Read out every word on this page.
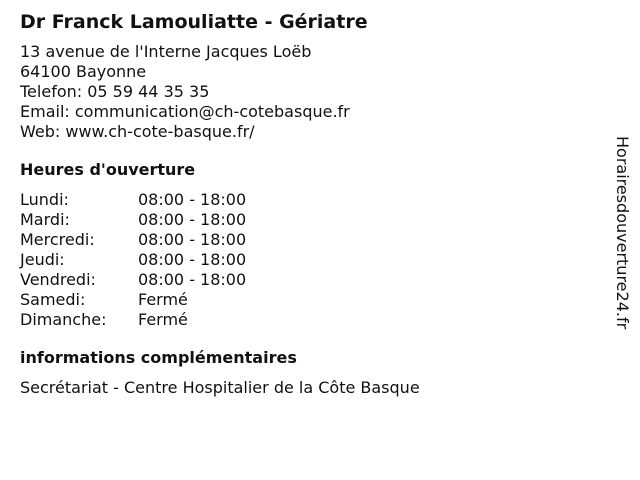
Dr Franck Lamouliatte - Gériatre
13 avenue de l'Interne Jacques Loëb
64100 Bayonne
Telefon: 05 59 44 35 35
Email: communication@ch-cotebasque.fr
Web: www.ch-cote-basque.fr/
Heures d'ouverture
Lundi:	08:00 - 18:00
Mardi:	08:00 - 18:00
Mercredi:	08:00 - 18:00
Jeudi:	08:00 - 18:00
Vendredi:	08:00 - 18:00
Samedi:	Fermé
Dimanche:	Fermé
informations complémentaires
Secrétariat - Centre Hospitalier de la Côte Basque
Horairesdouverture24.fr
